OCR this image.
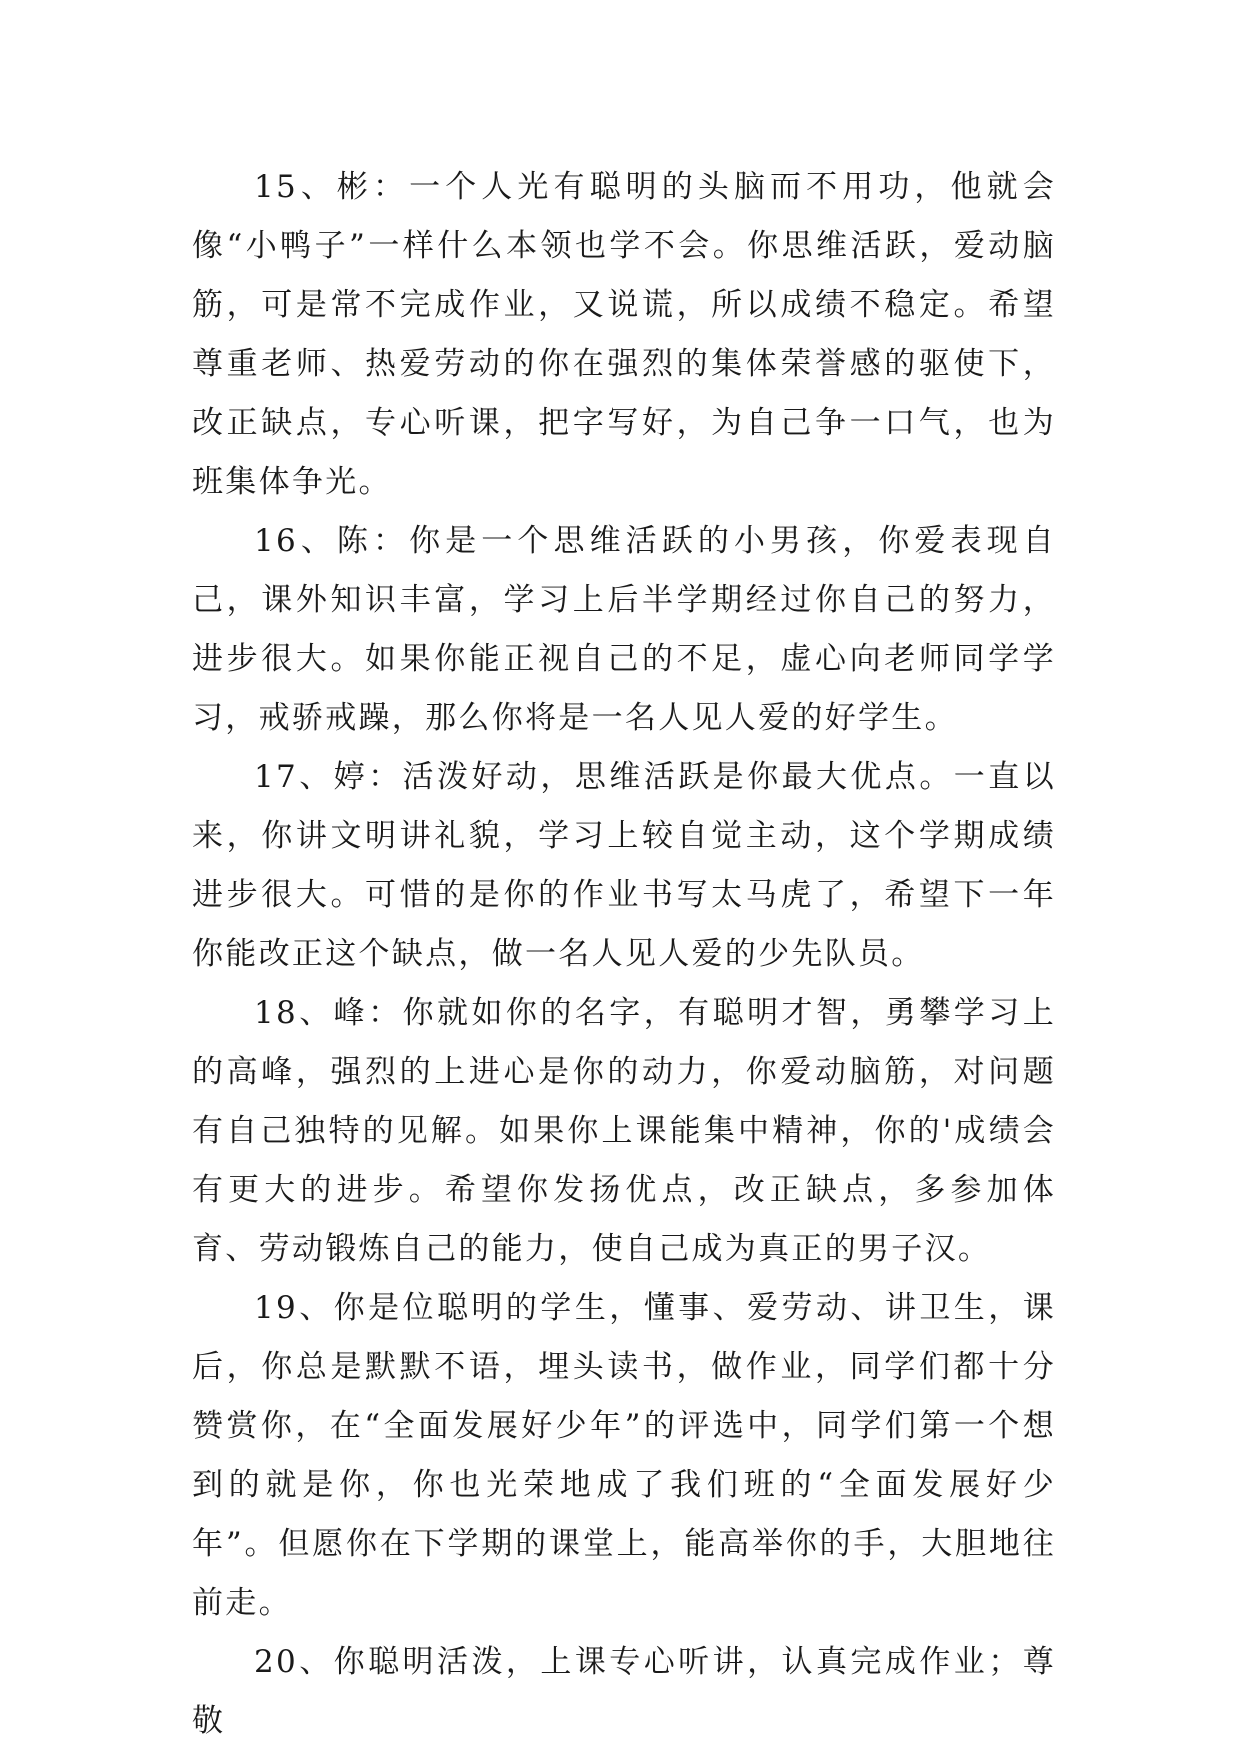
15、彬：一个人光有聪明的头脑而不用功，他就会像“小鸭子”一样什么本领也学不会。你思维活跃，爱动脑筋，可是常不完成作业，又说谎，所以成绩不稳定。希望尊重老师、热爱劳动的你在强烈的集体荣誉感的驱使下，改正缺点，专心听课，把字写好，为自己争一口气，也为班集体争光。

16、陈：你是一个思维活跃的小男孩，你爱表现自己，课外知识丰富，学习上后半学期经过你自己的努力，进步很大。如果你能正视自己的不足，虚心向老师同学学习，戒骄戒躁，那么你将是一名人见人爱的好学生。

17、婷：活泼好动，思维活跃是你最大优点。一直以来，你讲文明讲礼貌，学习上较自觉主动，这个学期成绩进步很大。可惜的是你的作业书写太马虎了，希望下一年你能改正这个缺点，做一名人见人爱的少先队员。

18、峰：你就如你的名字，有聪明才智，勇攀学习上的高峰，强烈的上进心是你的动力，你爱动脑筋，对问题有自己独特的见解。如果你上课能集中精神，你的'成绩会有更大的进步。希望你发扬优点，改正缺点，多参加体育、劳动锻炼自己的能力，使自己成为真正的男子汉。

19、你是位聪明的学生，懂事、爱劳动、讲卫生，课后，你总是默默不语，埋头读书，做作业，同学们都十分赞赏你，在“全面发展好少年”的评选中，同学们第一个想到的就是你，你也光荣地成了我们班的“全面发展好少年”。但愿你在下学期的课堂上，能高举你的手，大胆地往前走。

20、你聪明活泼，上课专心听讲，认真完成作业；尊敬
